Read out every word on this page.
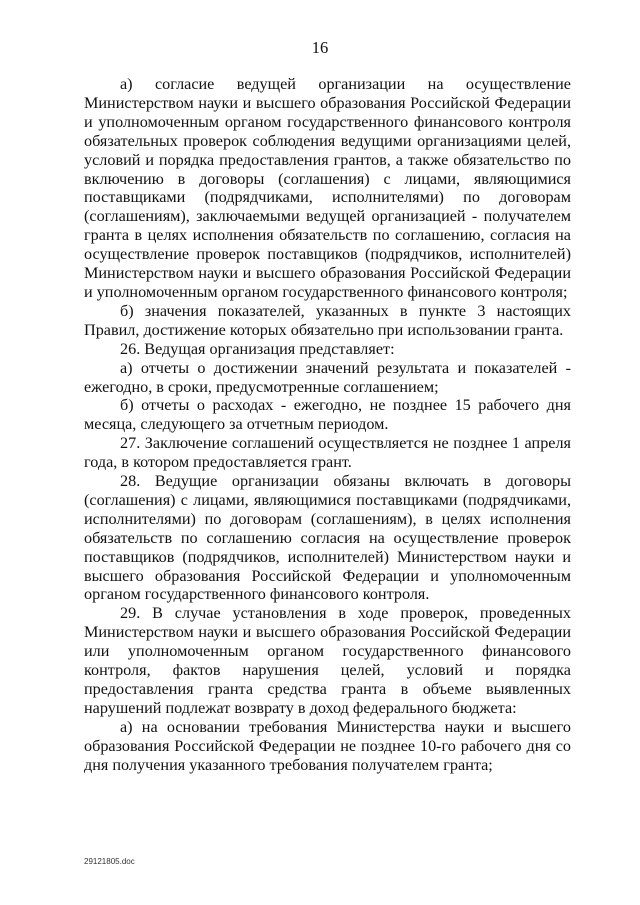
16

а) согласие ведущей организации на осуществление Министерством науки и высшего образования Российской Федерации и уполномоченным органом государственного финансового контроля обязательных проверок соблюдения ведущими организациями целей, условий и порядка предоставления грантов, а также обязательство по включению в договоры (соглашения) с лицами, являющимися поставщиками (подрядчиками, исполнителями) по договорам (соглашениям), заключаемыми ведущей организацией - получателем гранта в целях исполнения обязательств по соглашению, согласия на осуществление проверок поставщиков (подрядчиков, исполнителей) Министерством науки и высшего образования Российской Федерации и уполномоченным органом государственного финансового контроля;

б) значения показателей, указанных в пункте 3 настоящих Правил, достижение которых обязательно при использовании гранта.

26. Ведущая организация представляет:

а) отчеты о достижении значений результата и показателей - ежегодно, в сроки, предусмотренные соглашением;

б) отчеты о расходах - ежегодно, не позднее 15 рабочего дня месяца, следующего за отчетным периодом.

27. Заключение соглашений осуществляется не позднее 1 апреля года, в котором предоставляется грант.

28. Ведущие организации обязаны включать в договоры (соглашения) с лицами, являющимися поставщиками (подрядчиками, исполнителями) по договорам (соглашениям), в целях исполнения обязательств по соглашению согласия на осуществление проверок поставщиков (подрядчиков, исполнителей) Министерством науки и высшего образования Российской Федерации и уполномоченным органом государственного финансового контроля.

29. В случае установления в ходе проверок, проведенных Министерством науки и высшего образования Российской Федерации или уполномоченным органом государственного финансового контроля, фактов нарушения целей, условий и порядка предоставления гранта средства гранта в объеме выявленных нарушений подлежат возврату в доход федерального бюджета:

а) на основании требования Министерства науки и высшего образования Российской Федерации не позднее 10-го рабочего дня со дня получения указанного требования получателем гранта;

29121805.doc
